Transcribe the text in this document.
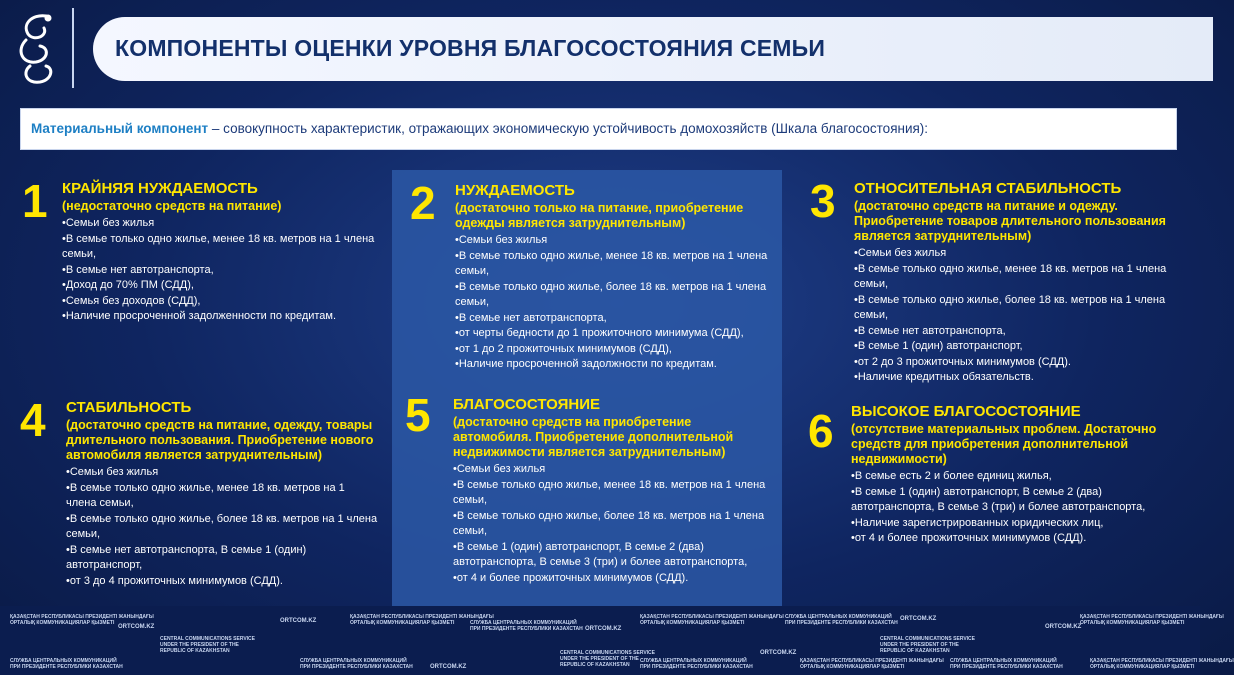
КОМПОНЕНТЫ ОЦЕНКИ УРОВНЯ БЛАГОСОСТОЯНИЯ СЕМЬИ

Материальный компонент – совокупность характеристик, отражающих экономическую устойчивость домохозяйств (Шкала благосостояния):

1 КРАЙНЯЯ НУЖДАЕМОСТЬ

(недостаточно средств на питание)

•Семьи без жилья
•В семье только одно жилье, менее 18 кв. метров на 1 члена семьи,
•В семье нет автотранспорта,
•Доход до 70% ПМ (СДД),
•Семья без доходов (СДД),
•Наличие просроченной задолженности по кредитам.
2 НУЖДАЕМОСТЬ

(достаточно только на питание, приобретение одежды является затруднительным)

•Семьи без жилья
•В семье только одно жилье, менее 18 кв. метров на 1 члена семьи,
•В семье только одно жилье, более 18 кв. метров на 1 члена семьи,
•В семье нет автотранспорта,
•от черты бедности до 1 прожиточного минимума (СДД),
•от 1 до 2 прожиточных минимумов (СДД),
•Наличие просроченной задолжности по кредитам.
3 ОТНОСИТЕЛЬНАЯ СТАБИЛЬНОСТЬ

(достаточно средств на питание и одежду. Приобретение товаров длительного пользования является затруднительным)

•Семьи без жилья
•В семье только одно жилье, менее 18 кв. метров на 1 члена семьи,
•В семье только одно жилье, более 18 кв. метров на 1 члена семьи,
•В семье нет автотранспорта,
•В семье 1 (один) автотранспорт,
•от 2 до 3 прожиточных минимумов (СДД).
•Наличие кредитных обязательств.
4 СТАБИЛЬНОСТЬ

(достаточно средств на питание, одежду, товары длительного пользования. Приобретение нового автомобиля является затруднительным)

•Семьи без жилья
•В семье только одно жилье, менее 18 кв. метров на 1 члена семьи,
•В семье только одно жилье, более 18 кв. метров на 1 члена семьи,
•В семье нет автотранспорта, В семье 1 (один) автотранспорт,
•от 3 до 4 прожиточных минимумов (СДД).
5 БЛАГОСОСТОЯНИЕ

(достаточно средств на приобретение автомобиля. Приобретение дополнительной недвижимости является затруднительным)

•Семьи без жилья
•В семье только одно жилье, менее 18 кв. метров на 1 члена семьи,
•В семье только одно жилье, более 18 кв. метров на 1 члена семьи,
•В семье 1 (один) автотранспорт, В семье 2 (два) автотранспорта, В семье 3 (три) и более автотранспорта,
•от 4 и более прожиточных минимумов (СДД).
6 ВЫСОКОЕ БЛАГОСОСТОЯНИЕ

(отсутствие материальных проблем. Достаточно средств для приобретения дополнительной недвижимости)

•В семье есть 2 и более единиц жилья,
•В семье 1 (один) автотранспорт, В семье 2 (два) автотранспорта, В семье 3 (три) и более автотранспорта,
•Наличие зарегистрированных юридических лиц,
•от 4 и более прожиточных минимумов (СДД).
ҚАЗАҚСТАН РЕСПУБЛИКАСЫ ПРЕЗИДЕНТІ ЖАНЫНДАҒЫ
ОРТАЛЫҚ КОММУНИКАЦИЯЛАР ҚЫЗМЕТІ
СЛУЖБА ЦЕНТРАЛЬНЫХ КОММУНИКАЦИЙ
ПРИ ПРЕЗИДЕНТЕ РЕСПУБЛИКИ КАЗАХСТАН
ORTCOM.KZ
CENTRAL COMMUNICATIONS SERVICE
UNDER THE PRESIDENT OF THE
REPUBLIC OF KAZAKHSTAN
СЛУЖБА ЦЕНТРАЛЬНЫХ КОММУНИКАЦИЙ
ПРИ ПРЕЗИДЕНТЕ РЕСПУБЛИКИ КАЗАХСТАН
ORTCOM.KZ
ҚАЗАҚСТАН РЕСПУБЛИКАСЫ ПРЕЗИДЕНТІ ЖАНЫНДАҒЫ
ОРТАЛЫҚ КОММУНИКАЦИЯЛАР ҚЫЗМЕТІ
ORTCOM.KZ
СЛУЖБА ЦЕНТРАЛЬНЫХ КОММУНИКАЦИЙ
ПРИ ПРЕЗИДЕНТЕ РЕСПУБЛИКИ КАЗАХСТАН
CENTRAL COMMUNICATIONS SERVICE
UNDER THE PRESIDENT OF THE
REPUBLIC OF KAZAKHSTAN
ORTCOM.KZ
ҚАЗАҚСТАН РЕСПУБЛИКАСЫ ПРЕЗИДЕНТІ ЖАНЫНДАҒЫ
ОРТАЛЫҚ КОММУНИКАЦИЯЛАР ҚЫЗМЕТІ
СЛУЖБА ЦЕНТРАЛЬНЫХ КОММУНИКАЦИЙ
ПРИ ПРЕЗИДЕНТЕ РЕСПУБЛИКИ КАЗАХСТАН
ORTCOM.KZ
СЛУЖБА ЦЕНТРАЛЬНЫХ КОММУНИКАЦИЙ
ПРИ ПРЕЗИДЕНТЕ РЕСПУБЛИКИ КАЗАХСТАН
ҚАЗАҚСТАН РЕСПУБЛИКАСЫ ПРЕЗИДЕНТІ ЖАНЫНДАҒЫ
ОРТАЛЫҚ КОММУНИКАЦИЯЛАР ҚЫЗМЕТІ
CENTRAL COMMUNICATIONS SERVICE
UNDER THE PRESIDENT OF THE
REPUBLIC OF KAZAKHSTAN
ORTCOM.KZ
СЛУЖБА ЦЕНТРАЛЬНЫХ КОММУНИКАЦИЙ
ПРИ ПРЕЗИДЕНТЕ РЕСПУБЛИКИ КАЗАХСТАН
ORTCOM.KZ
ҚАЗАҚСТАН РЕСПУБЛИКАСЫ ПРЕЗИДЕНТІ ЖАНЫНДАҒЫ
ОРТАЛЫҚ КОММУНИКАЦИЯЛАР ҚЫЗМЕТІ
ҚАЗАҚСТАН РЕСПУБЛИКАСЫ ПРЕЗИДЕНТІ ЖАНЫНДАҒЫ
ОРТАЛЫҚ КОММУНИКАЦИЯЛАР ҚЫЗМЕТІ
